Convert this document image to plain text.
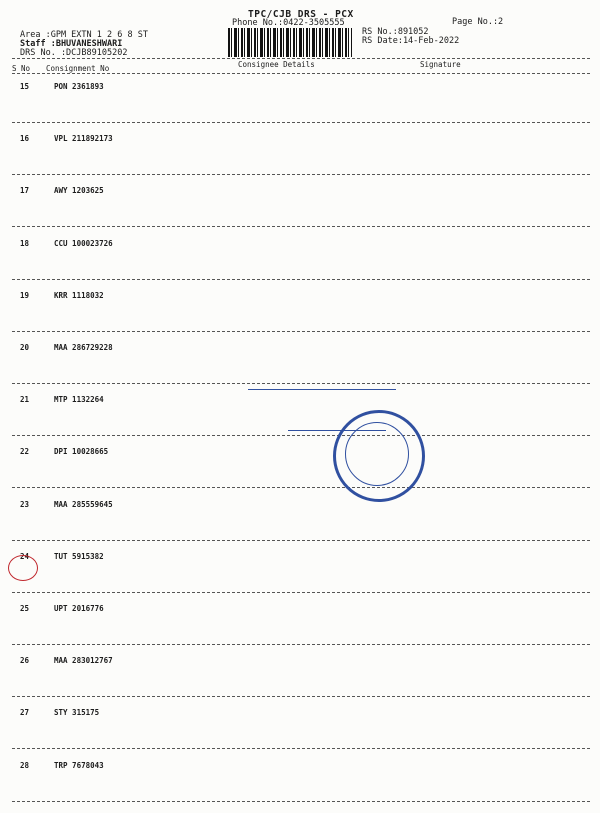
TPC/CJB DRS - PCX
Phone No.:0422-3505555
Area :GPM EXTN 1 2 6 8 ST
Staff :BHUVANESHWARI
DRS No. :DCJB89105202
RS No.:891052
Page No.:2
RS Date:14-Feb-2022
S No Consignment No	Consignee Details	Signature
15	PON 2361893
16	VPL 211892173
17	AWY 1203625
18	CCU 100023726
19	KRR 1118032
20	MAA 286729228
21	MTP 1132264
22	DPI 10028665
23	MAA 285559645
24	TUT 5915382
25	UPT 2016776
26	MAA 283012767
27	STY 315175
28	TRP 7678043
